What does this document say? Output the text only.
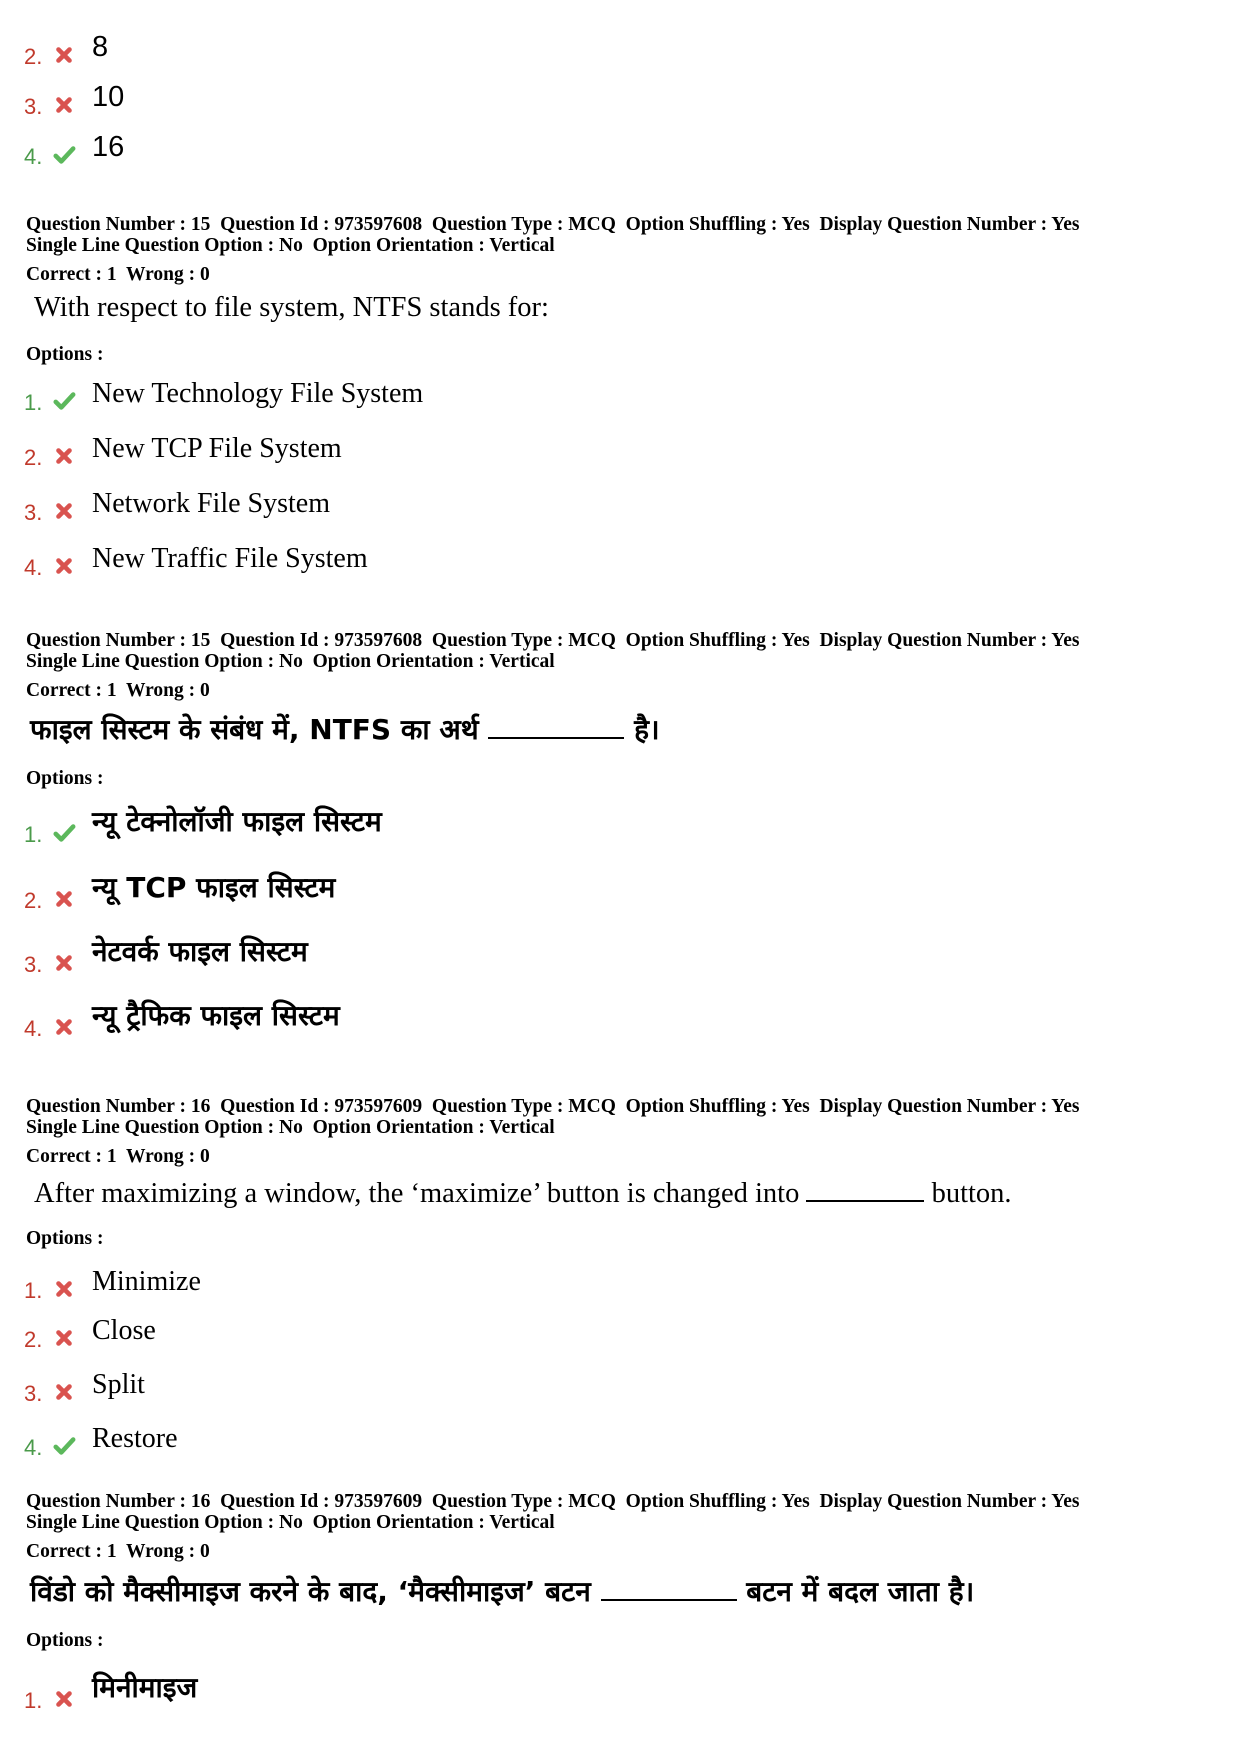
2. 8
3. 10
4. 16
Question Number : 15  Question Id : 973597608  Question Type : MCQ  Option Shuffling : Yes  Display Question Number : Yes
Single Line Question Option : No  Option Orientation : Vertical
Correct : 1  Wrong : 0
With respect to file system, NTFS stands for:
Options :
1. New Technology File System
2. New TCP File System
3. Network File System
4. New Traffic File System
Question Number : 15  Question Id : 973597608  Question Type : MCQ  Option Shuffling : Yes  Display Question Number : Yes
Single Line Question Option : No  Option Orientation : Vertical
Correct : 1  Wrong : 0
फाइल सिस्टम के संबंध में, NTFS का अर्थ	है।
Options :
1. न्यू टेक्नोलॉजी फाइल सिस्टम
2. न्यू TCP फाइल सिस्टम
3. नेटवर्क फाइल सिस्टम
4. न्यू ट्रैफिक फाइल सिस्टम
Question Number : 16  Question Id : 973597609  Question Type : MCQ  Option Shuffling : Yes  Display Question Number : Yes
Single Line Question Option : No  Option Orientation : Vertical
Correct : 1  Wrong : 0
After maximizing a window, the ‘maximize’ button is changed into	button.
Options :
1. Minimize
2. Close
3. Split
4. Restore
Question Number : 16  Question Id : 973597609  Question Type : MCQ  Option Shuffling : Yes  Display Question Number : Yes
Single Line Question Option : No  Option Orientation : Vertical
Correct : 1  Wrong : 0
विंडो को मैक्सीमाइज करने के बाद, ‘मैक्सीमाइज’ बटन	बटन में बदल जाता है।
Options :
1. मिनीमाइज
